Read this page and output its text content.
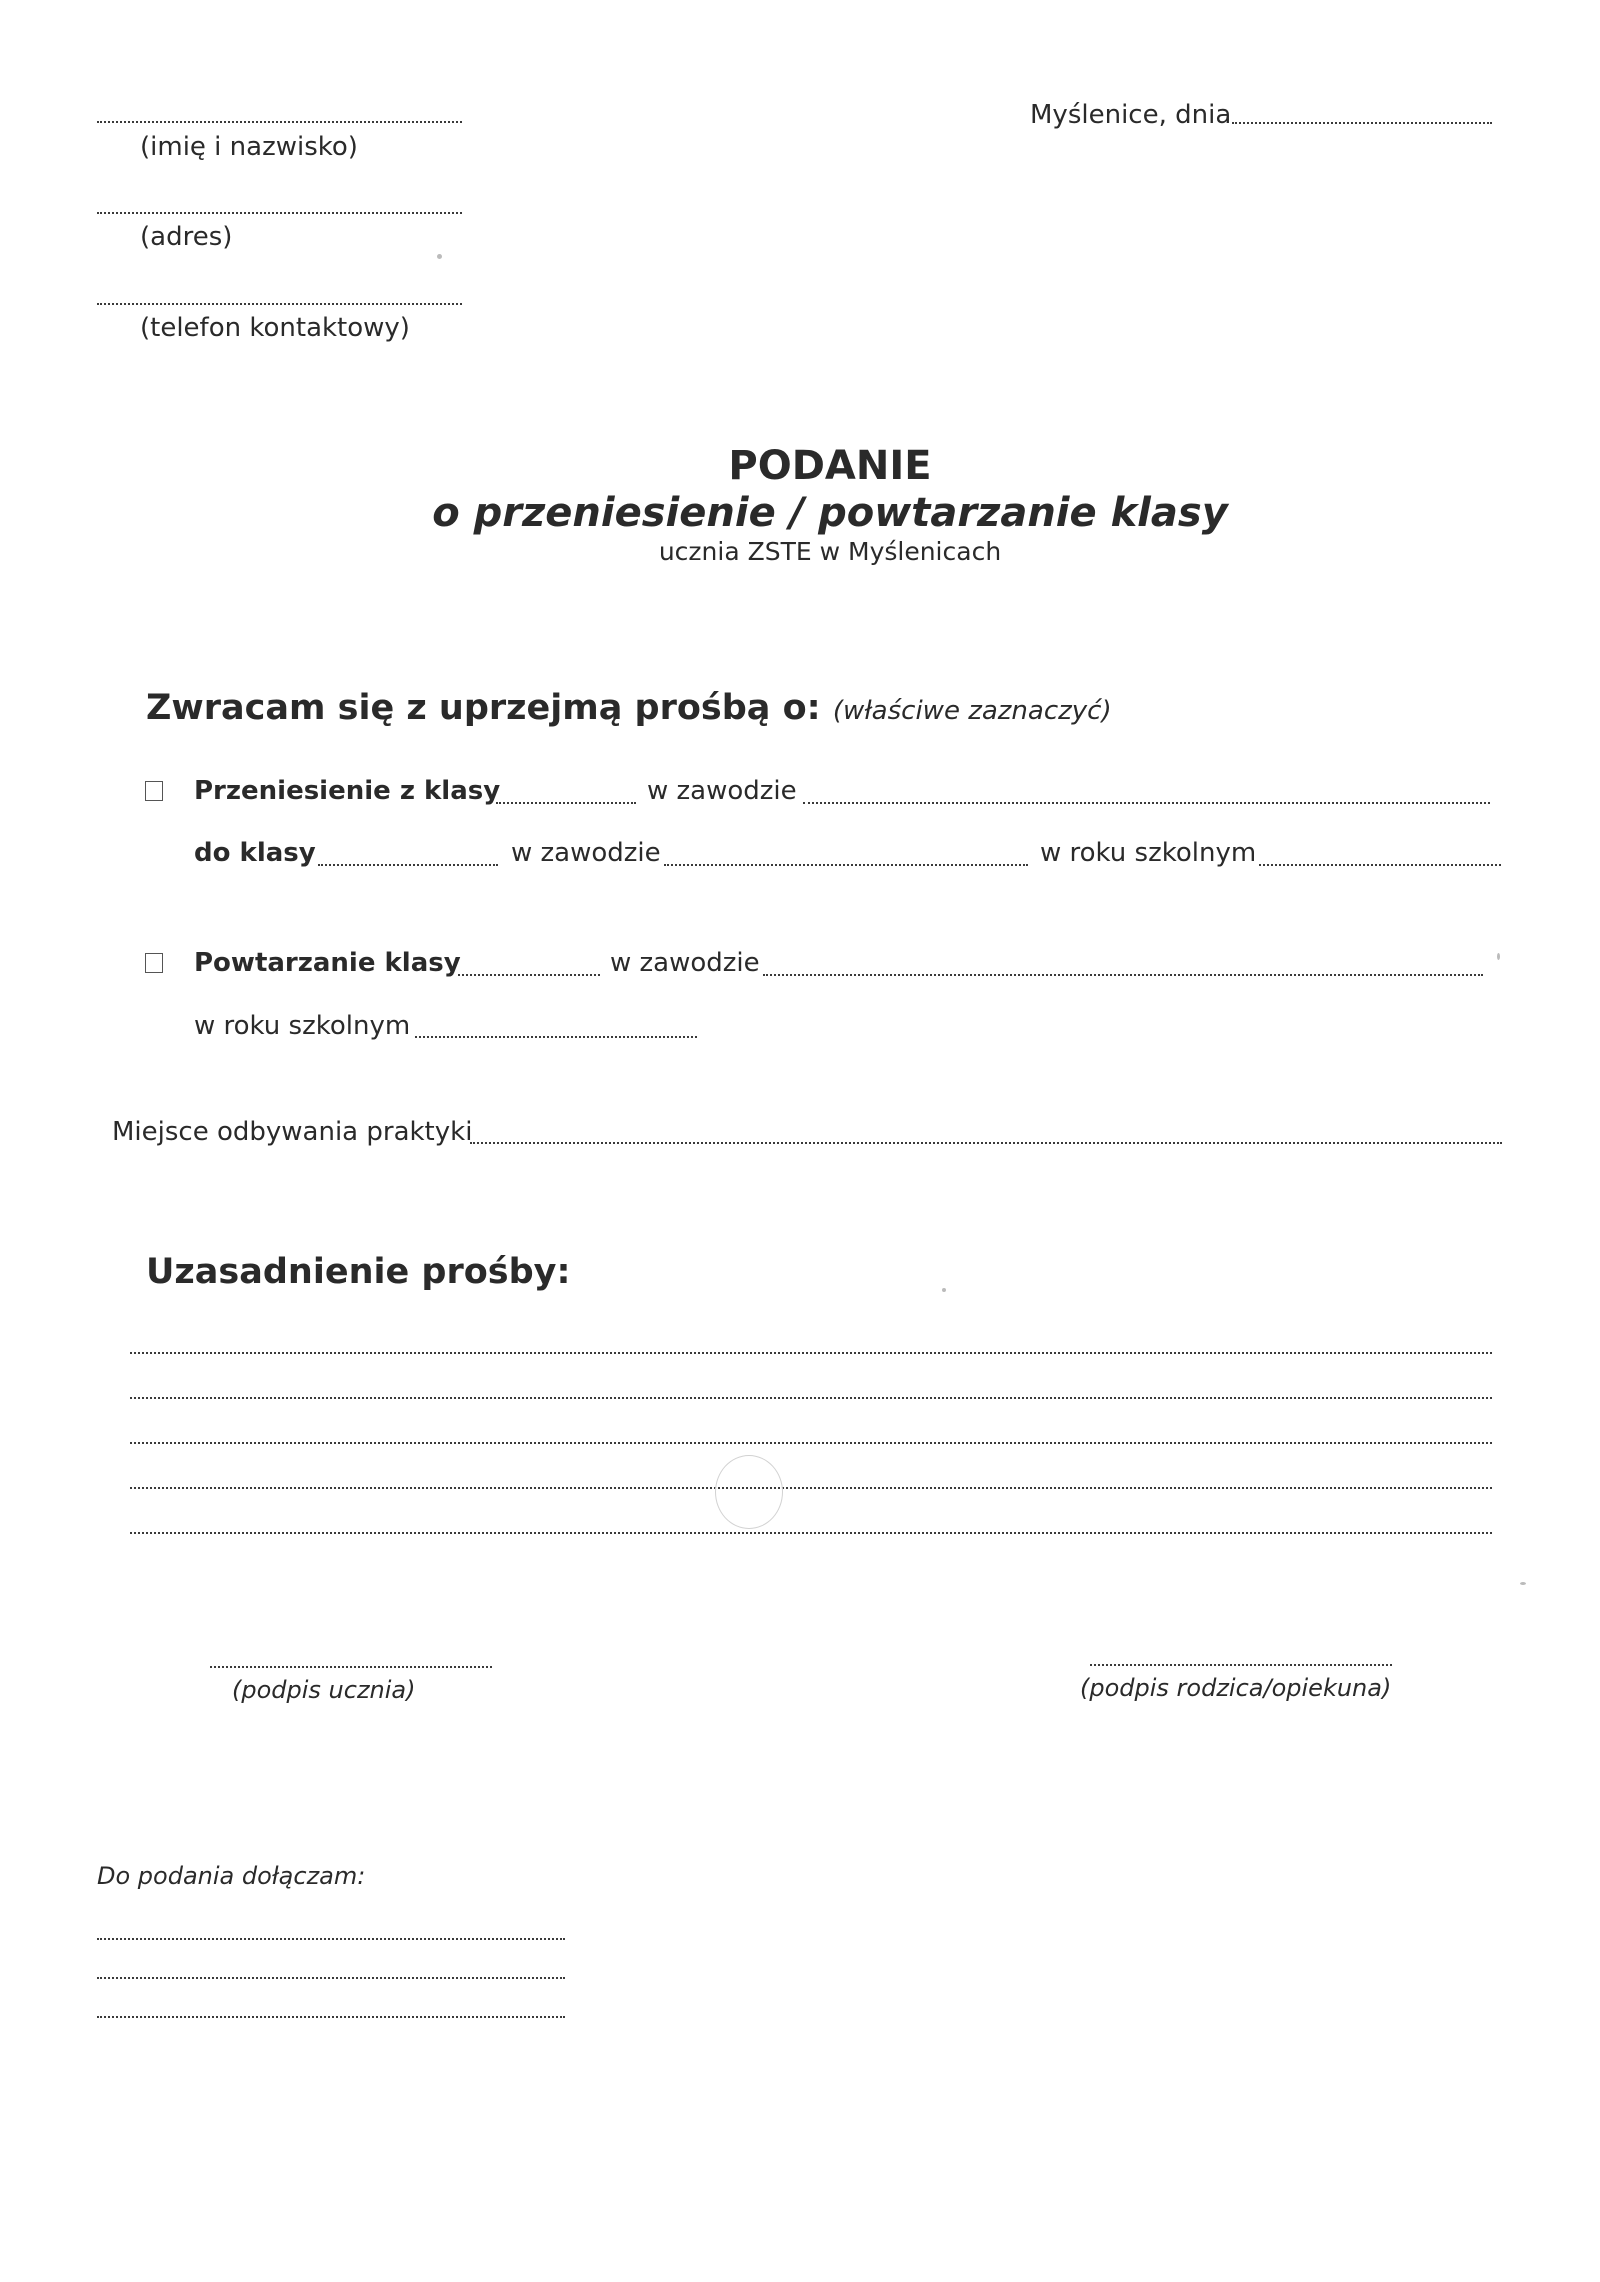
(imię i nazwisko)
(adres)
(telefon kontaktowy)
Myślenice, dnia
PODANIE
o przeniesienie / powtarzanie klasy
ucznia ZSTE w Myślenicach
Zwracam się z uprzejmą prośbą o: (właściwe zaznaczyć)
Przeniesienie z klasy	w zawodzie
do klasy	w zawodzie	w roku szkolnym
Powtarzanie klasy	w zawodzie
w roku szkolnym
Miejsce odbywania praktyki
Uzasadnienie prośby:
(podpis ucznia)	(podpis rodzica/opiekuna)
Do podania dołączam:
